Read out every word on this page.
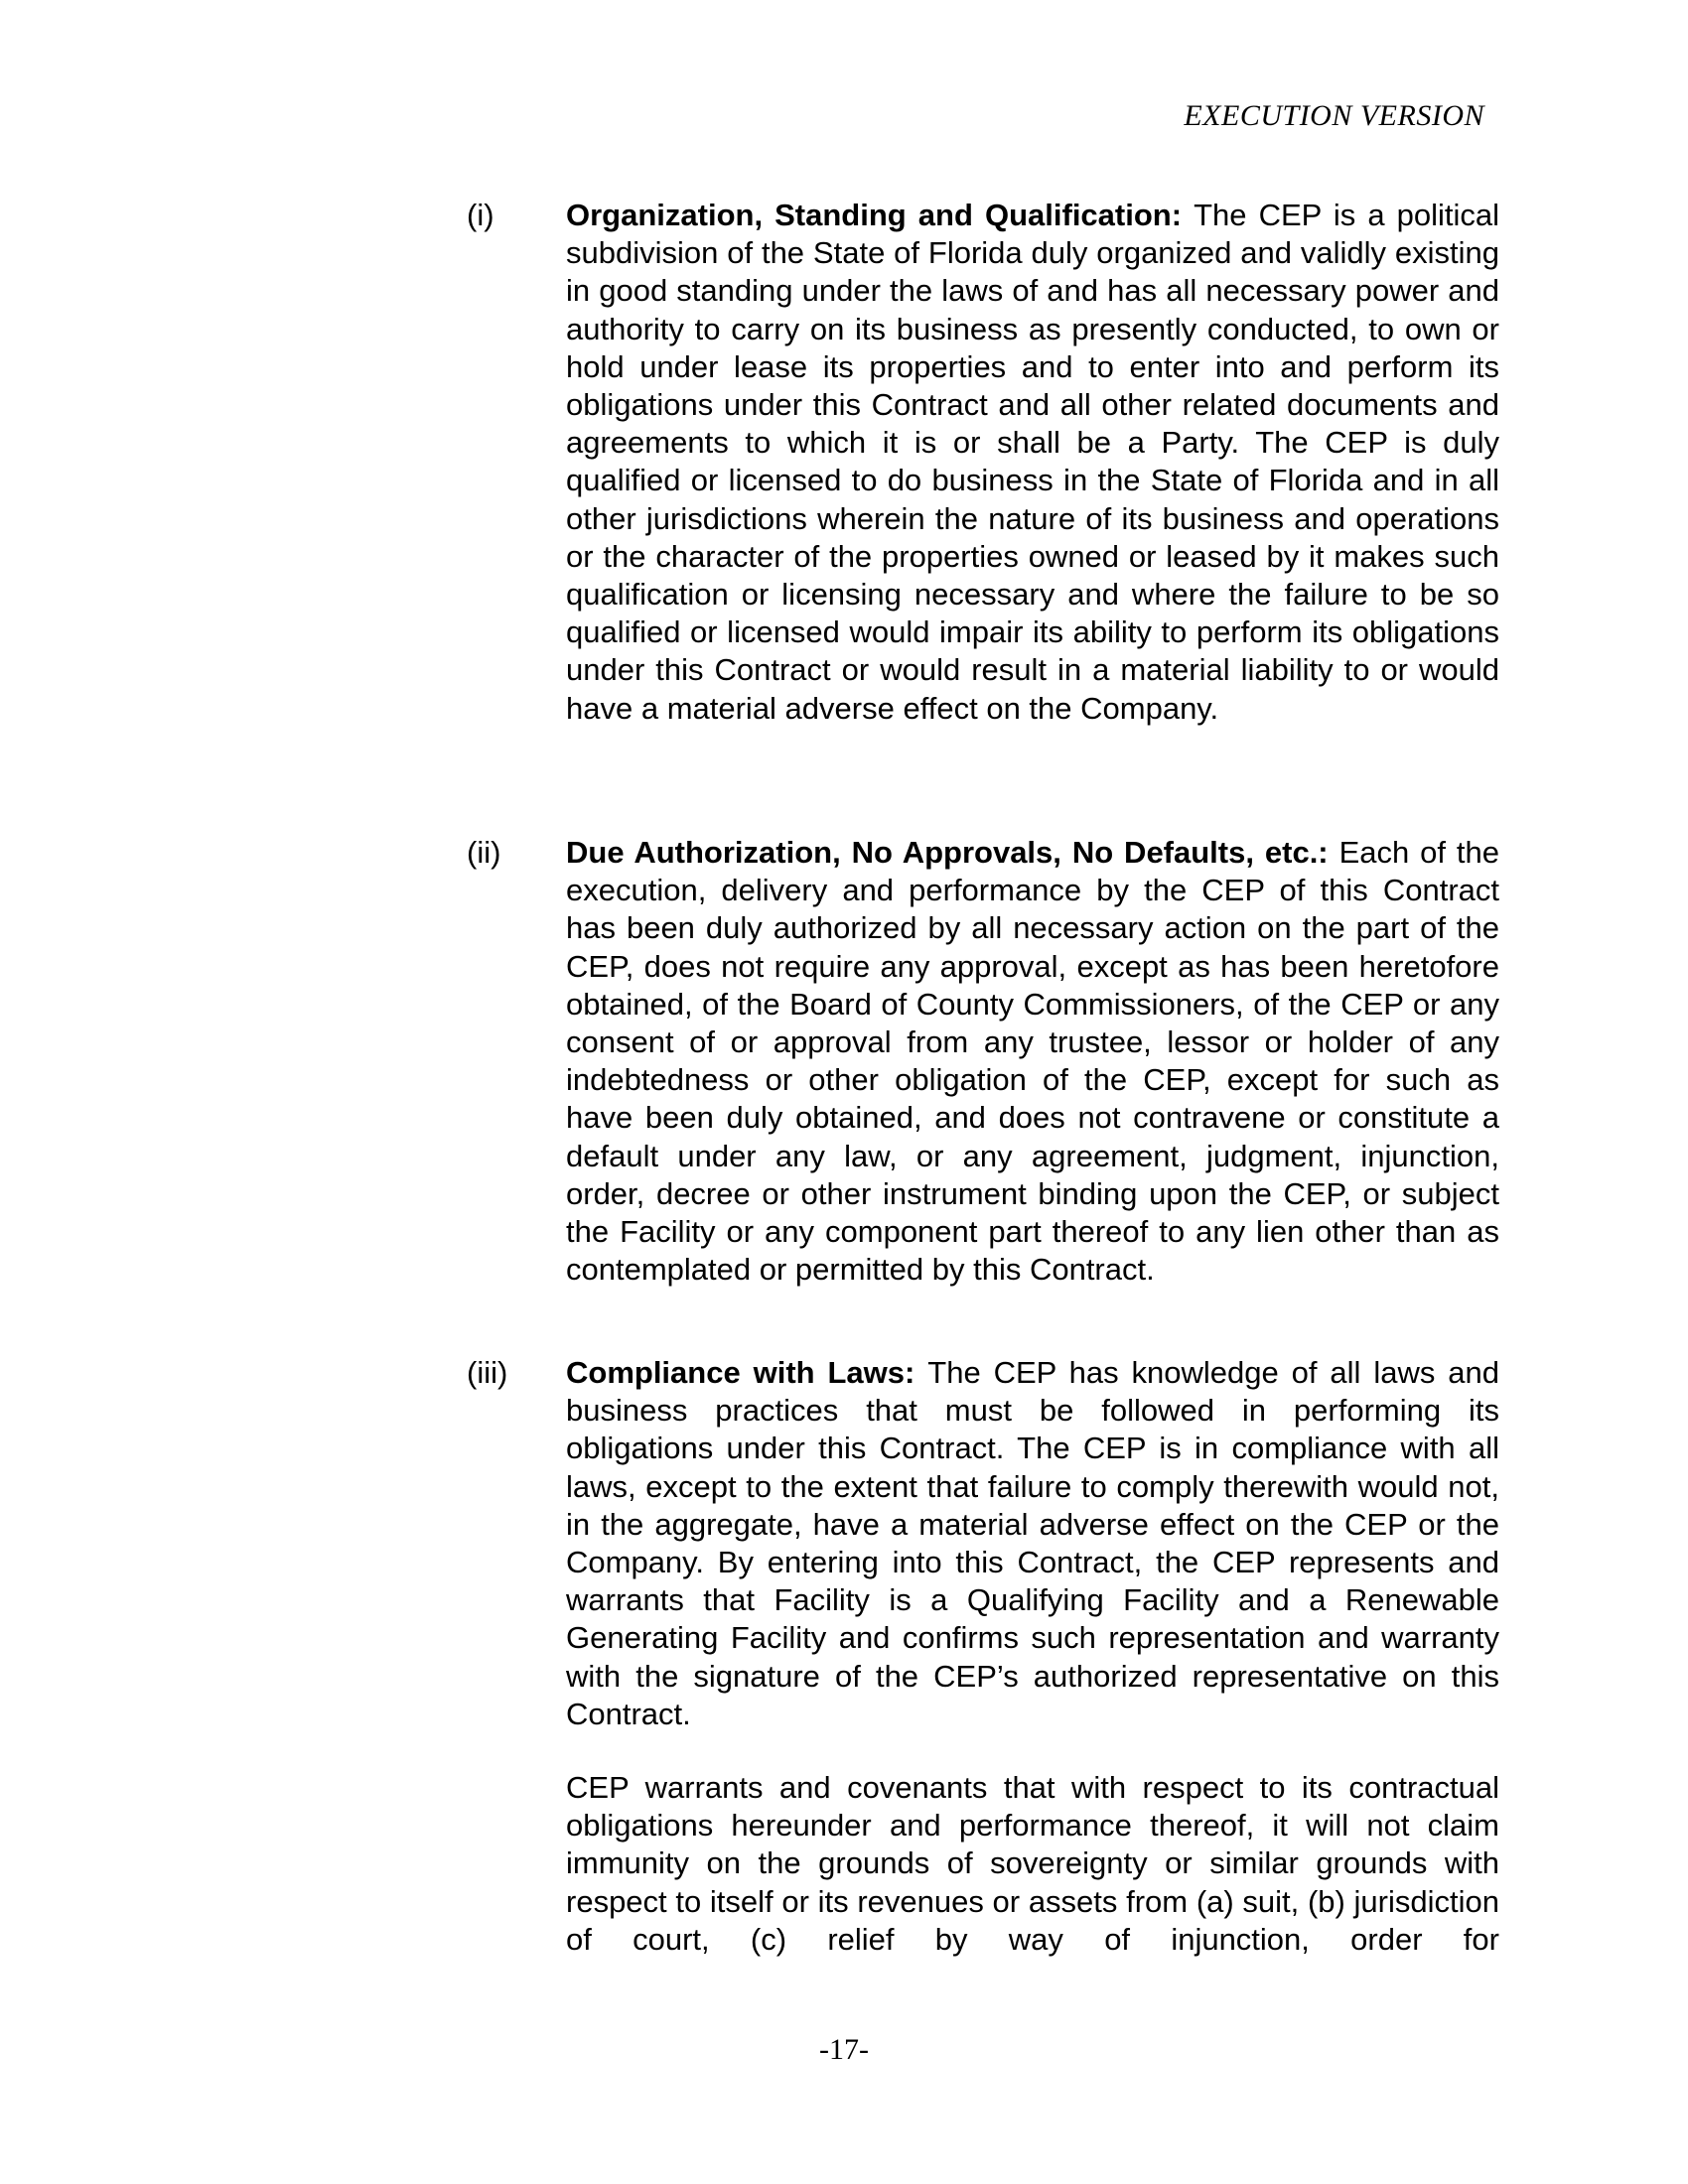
EXECUTION VERSION
(i)	Organization, Standing and Qualification: The CEP is a political subdivision of the State of Florida duly organized and validly existing in good standing under the laws of and has all necessary power and authority to carry on its business as presently conducted, to own or hold under lease its properties and to enter into and perform its obligations under this Contract and all other related documents and agreements to which it is or shall be a Party. The CEP is duly qualified or licensed to do business in the State of Florida and in all other jurisdictions wherein the nature of its business and operations or the character of the properties owned or leased by it makes such qualification or licensing necessary and where the failure to be so qualified or licensed would impair its ability to perform its obligations under this Contract or would result in a material liability to or would have a material adverse effect on the Company.
(ii)	Due Authorization, No Approvals, No Defaults, etc.: Each of the execution, delivery and performance by the CEP of this Contract has been duly authorized by all necessary action on the part of the CEP, does not require any approval, except as has been heretofore obtained, of the Board of County Commissioners, of the CEP or any consent of or approval from any trustee, lessor or holder of any indebtedness or other obligation of the CEP, except for such as have been duly obtained, and does not contravene or constitute a default under any law, or any agreement, judgment, injunction, order, decree or other instrument binding upon the CEP, or subject the Facility or any component part thereof to any lien other than as contemplated or permitted by this Contract.
(iii)	Compliance with Laws: The CEP has knowledge of all laws and business practices that must be followed in performing its obligations under this Contract. The CEP is in compliance with all laws, except to the extent that failure to comply therewith would not, in the aggregate, have a material adverse effect on the CEP or the Company. By entering into this Contract, the CEP represents and warrants that Facility is a Qualifying Facility and a Renewable Generating Facility and confirms such representation and warranty with the signature of the CEP’s authorized representative on this Contract.
CEP warrants and covenants that with respect to its contractual obligations hereunder and performance thereof, it will not claim immunity on the grounds of sovereignty or similar grounds with respect to itself or its revenues or assets from (a) suit, (b) jurisdiction of court, (c) relief by way of injunction, order for
-17-
